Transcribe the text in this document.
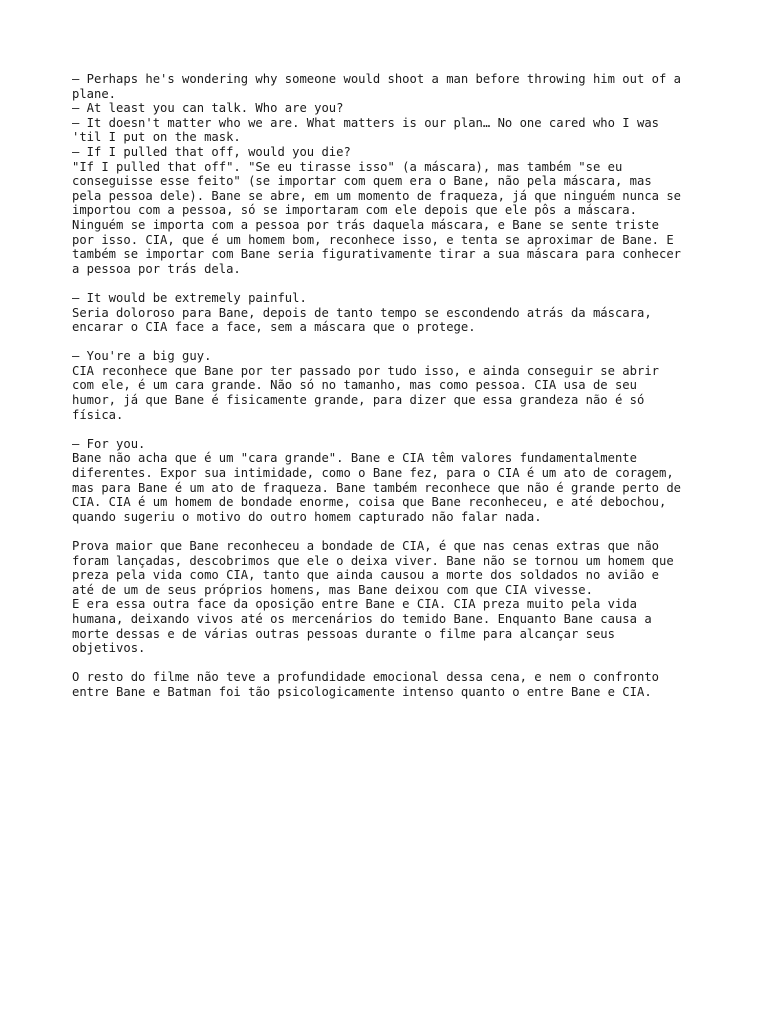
— Perhaps he's wondering why someone would shoot a man before throwing him out of a
plane.
— At least you can talk. Who are you?
— It doesn't matter who we are. What matters is our plan… No one cared who I was
'til I put on the mask.
— If I pulled that off, would you die?
"If I pulled that off". "Se eu tirasse isso" (a máscara), mas também "se eu
conseguisse esse feito" (se importar com quem era o Bane, não pela máscara, mas
pela pessoa dele). Bane se abre, em um momento de fraqueza, já que ninguém nunca se
importou com a pessoa, só se importaram com ele depois que ele pôs a máscara.
Ninguém se importa com a pessoa por trás daquela máscara, e Bane se sente triste
por isso. CIA, que é um homem bom, reconhece isso, e tenta se aproximar de Bane. E
também se importar com Bane seria figurativamente tirar a sua máscara para conhecer
a pessoa por trás dela.
— It would be extremely painful.
Seria doloroso para Bane, depois de tanto tempo se escondendo atrás da máscara,
encarar o CIA face a face, sem a máscara que o protege.
— You're a big guy.
CIA reconhece que Bane por ter passado por tudo isso, e ainda conseguir se abrir
com ele, é um cara grande. Não só no tamanho, mas como pessoa. CIA usa de seu
humor, já que Bane é fisicamente grande, para dizer que essa grandeza não é só
física.
— For you.
Bane não acha que é um "cara grande". Bane e CIA têm valores fundamentalmente
diferentes. Expor sua intimidade, como o Bane fez, para o CIA é um ato de coragem,
mas para Bane é um ato de fraqueza. Bane também reconhece que não é grande perto de
CIA. CIA é um homem de bondade enorme, coisa que Bane reconheceu, e até debochou,
quando sugeriu o motivo do outro homem capturado não falar nada.
Prova maior que Bane reconheceu a bondade de CIA, é que nas cenas extras que não
foram lançadas, descobrimos que ele o deixa viver. Bane não se tornou um homem que
preza pela vida como CIA, tanto que ainda causou a morte dos soldados no avião e
até de um de seus próprios homens, mas Bane deixou com que CIA vivesse.
E era essa outra face da oposição entre Bane e CIA. CIA preza muito pela vida
humana, deixando vivos até os mercenários do temido Bane. Enquanto Bane causa a
morte dessas e de várias outras pessoas durante o filme para alcançar seus
objetivos.
O resto do filme não teve a profundidade emocional dessa cena, e nem o confronto
entre Bane e Batman foi tão psicologicamente intenso quanto o entre Bane e CIA.
